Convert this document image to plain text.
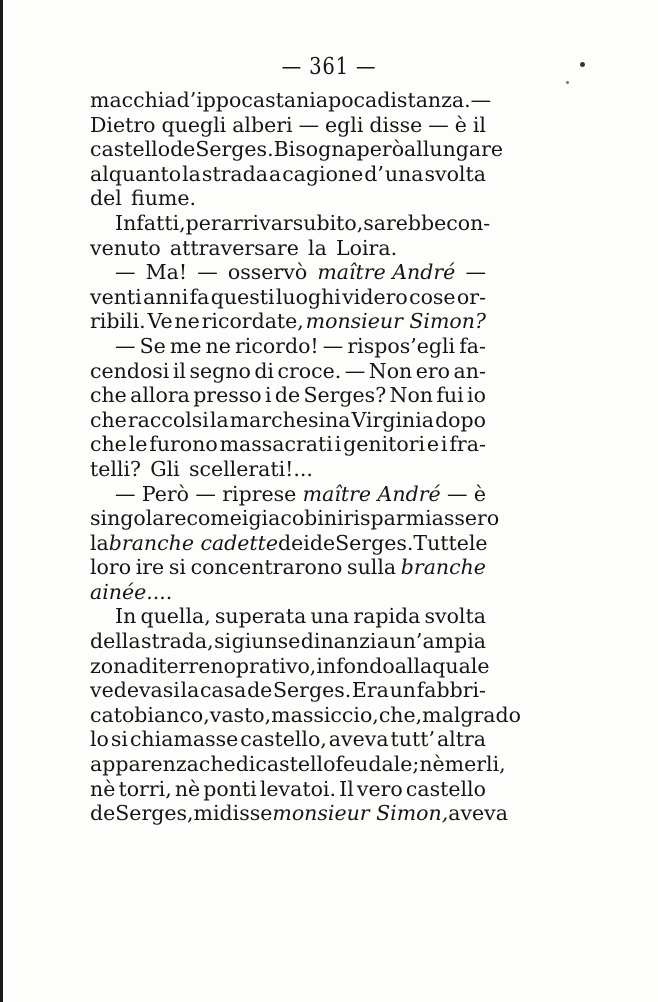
— 361 —
macchia d’ippocastani a poca distanza. —
Dietro quegli alberi — egli disse — è il
castello de Serges. Bisogna però allungare
alquanto la strada a cagione d’ una svolta
del fiume.
Infatti, per arrivar subito, sarebbe con-
venuto attraversare la Loira.
— Ma! — osservò maître André —
venti anni fa questi luoghi videro cose or-
ribili. Ve ne ricordate, monsieur Simon?
— Se me ne ricordo! — rispos’egli fa-
cendosi il segno di croce. — Non ero an-
che allora presso i de Serges? Non fui io
che raccolsi la marchesina Virginia dopo
che le furono massacrati i genitori e i fra-
telli? Gli scellerati!...
— Però — riprese maître André — è
singolare come i giacobini risparmiassero
la branche cadette dei de Serges. Tutte le
loro ire si concentrarono sulla branche
ainée....
In quella, superata una rapida svolta
della strada, si giunse dinanzi a un’ampia
zona di terreno prativo, in fondo alla quale
vedevasi la casa de Serges. Era un fabbri-
cato bianco, vasto, massiccio, che, malgrado
lo si chiamasse castello, aveva tutt’ altra
apparenza che di castello feudale; nè merli,
nè torri, nè ponti levatoi. Il vero castello
de Serges, mi disse monsieur Simon, aveva
